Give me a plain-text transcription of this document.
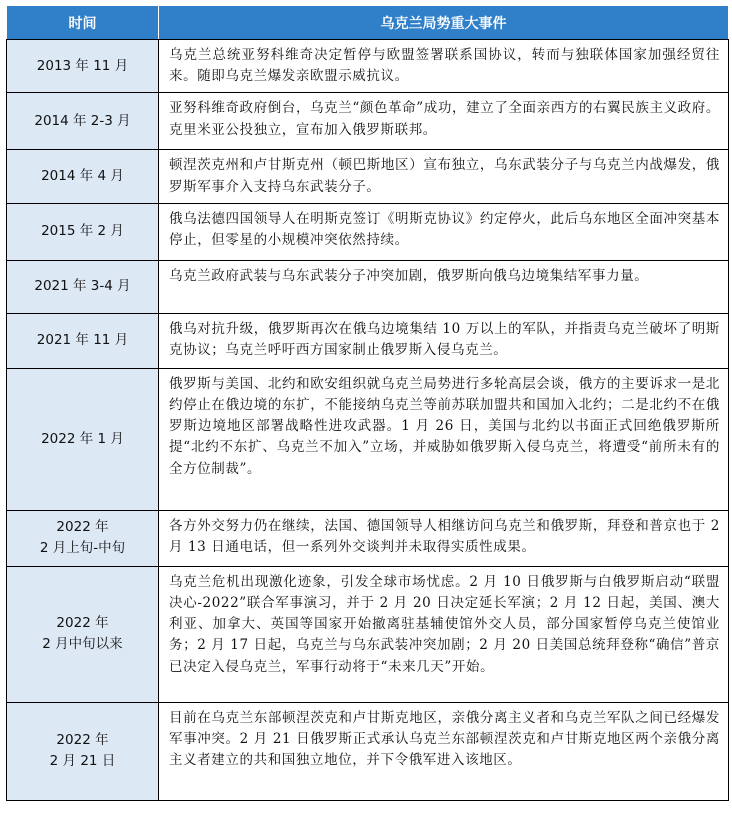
时间	乌克兰局势重大事件

2013 年 11 月	乌克兰总统亚努科维奇决定暂停与欧盟签署联系国协议，转而与独联体国家加强经贸往来。随即乌克兰爆发亲欧盟示威抗议。

2014 年 2-3 月	亚努科维奇政府倒台，乌克兰“颜色革命”成功，建立了全面亲西方的右翼民族主义政府。克里米亚公投独立，宣布加入俄罗斯联邦。

2014 年 4 月	顿涅茨克州和卢甘斯克州（顿巴斯地区）宣布独立，乌东武装分子与乌克兰内战爆发，俄罗斯军事介入支持乌东武装分子。

2015 年 2 月	俄乌法德四国领导人在明斯克签订《明斯克协议》约定停火，此后乌东地区全面冲突基本停止，但零星的小规模冲突依然持续。

2021 年 3-4 月	乌克兰政府武装与乌东武装分子冲突加剧，俄罗斯向俄乌边境集结军事力量。

2021 年 11 月	俄乌对抗升级，俄罗斯再次在俄乌边境集结 10 万以上的军队，并指责乌克兰破坏了明斯克协议；乌克兰呼吁西方国家制止俄罗斯入侵乌克兰。

2022 年 1 月	俄罗斯与美国、北约和欧安组织就乌克兰局势进行多轮高层会谈，俄方的主要诉求一是北约停止在俄边境的东扩，不能接纳乌克兰等前苏联加盟共和国加入北约；二是北约不在俄罗斯边境地区部署战略性进攻武器。1 月 26 日，美国与北约以书面正式回绝俄罗斯所提“北约不东扩、乌克兰不加入”立场，并威胁如俄罗斯入侵乌克兰，将遭受“前所未有的全方位制裁”。

2022 年
2 月上旬-中旬	各方外交努力仍在继续，法国、德国领导人相继访问乌克兰和俄罗斯，拜登和普京也于 2 月 13 日通电话，但一系列外交谈判并未取得实质性成果。

2022 年
2 月中旬以来	乌克兰危机出现激化迹象，引发全球市场忧虑。2 月 10 日俄罗斯与白俄罗斯启动“联盟决心-2022”联合军事演习，并于 2 月 20 日决定延长军演；2 月 12 日起，美国、澳大利亚、加拿大、英国等国家开始撤离驻基辅使馆外交人员，部分国家暂停乌克兰使馆业务；2 月 17 日起，乌克兰与乌东武装冲突加剧；2 月 20 日美国总统拜登称“确信”普京已决定入侵乌克兰，军事行动将于“未来几天”开始。

2022 年
2 月 21 日	目前在乌克兰东部顿涅茨克和卢甘斯克地区，亲俄分离主义者和乌克兰军队之间已经爆发军事冲突。2 月 21 日俄罗斯正式承认乌克兰东部顿涅茨克和卢甘斯克地区两个亲俄分离主义者建立的共和国独立地位，并下令俄军进入该地区。
